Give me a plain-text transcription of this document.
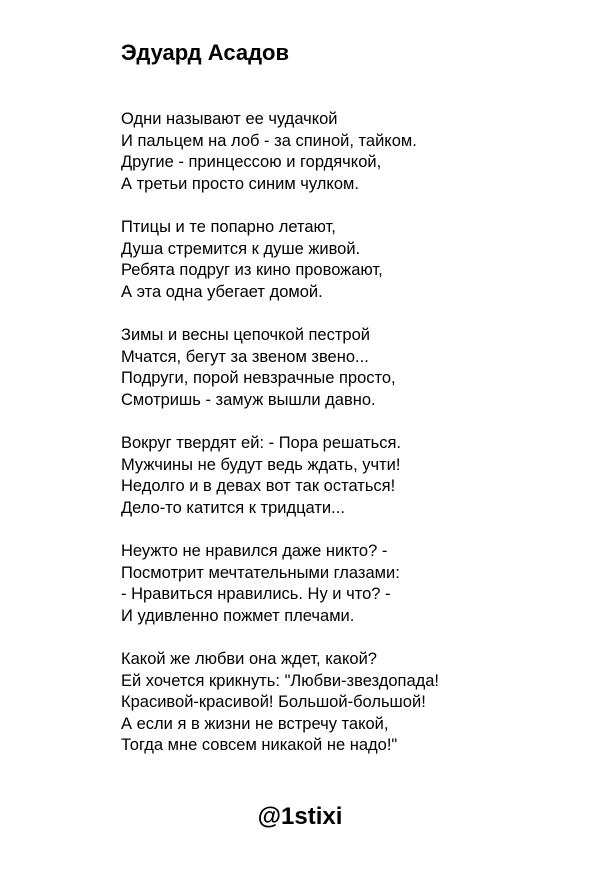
Эдуард Асадов
Одни называют ее чудачкой
И пальцем на лоб - за спиной, тайком.
Другие - принцессою и гордячкой,
А третьи просто синим чулком.
Птицы и те попарно летают,
Душа стремится к душе живой.
Ребята подруг из кино провожают,
А эта одна убегает домой.
Зимы и весны цепочкой пестрой
Мчатся, бегут за звеном звено...
Подруги, порой невзрачные просто,
Смотришь - замуж вышли давно.
Вокруг твердят ей: - Пора решаться.
Мужчины не будут ведь ждать, учти!
Недолго и в девах вот так остаться!
Дело-то катится к тридцати...
Неужто не нравился даже никто? -
Посмотрит мечтательными глазами:
- Нравиться нравились. Ну и что? -
И удивленно пожмет плечами.
Какой же любви она ждет, какой?
Ей хочется крикнуть: "Любви-звездопада!
Красивой-красивой! Большой-большой!
А если я в жизни не встречу такой,
Тогда мне совсем никакой не надо!"
@1stixi
